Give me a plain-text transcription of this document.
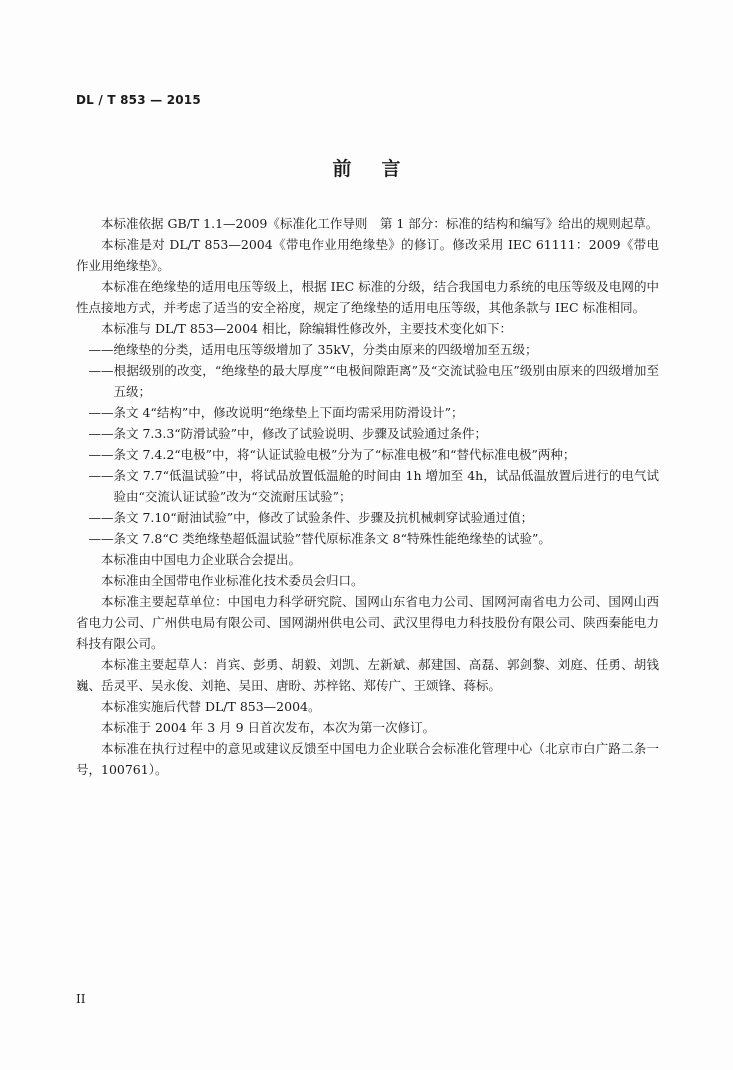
DL / T 853 — 2015
前言

本标准依据 GB/T 1.1—2009《标准化工作导则　第 1 部分：标准的结构和编写》给出的规则起草。

本标准是对 DL/T 853—2004《带电作业用绝缘垫》的修订。修改采用 IEC 61111：2009《带电作业用绝缘垫》。

本标准在绝缘垫的适用电压等级上，根据 IEC 标准的分级，结合我国电力系统的电压等级及电网的中性点接地方式，并考虑了适当的安全裕度，规定了绝缘垫的适用电压等级，其他条款与 IEC 标准相同。

本标准与 DL/T 853—2004 相比，除编辑性修改外，主要技术变化如下：

——绝缘垫的分类，适用电压等级增加了 35kV，分类由原来的四级增加至五级；

——根据级别的改变，“绝缘垫的最大厚度”“电极间隙距离”及“交流试验电压”级别由原来的四级增加至五级；

——条文 4“结构”中，修改说明“绝缘垫上下面均需采用防滑设计”；

——条文 7.3.3“防滑试验”中，修改了试验说明、步骤及试验通过条件；

——条文 7.4.2“电极”中，将“认证试验电极”分为了“标准电极”和“替代标准电极”两种；

——条文 7.7“低温试验”中，将试品放置低温舱的时间由 1h 增加至 4h，试品低温放置后进行的电气试验由“交流认证试验”改为“交流耐压试验”；

——条文 7.10“耐油试验”中，修改了试验条件、步骤及抗机械刺穿试验通过值；

——条文 7.8“C 类绝缘垫超低温试验”替代原标准条文 8“特殊性能绝缘垫的试验”。

本标准由中国电力企业联合会提出。

本标准由全国带电作业标准化技术委员会归口。

本标准主要起草单位：中国电力科学研究院、国网山东省电力公司、国网河南省电力公司、国网山西省电力公司、广州供电局有限公司、国网湖州供电公司、武汉里得电力科技股份有限公司、陕西秦能电力科技有限公司。

本标准主要起草人：肖宾、彭勇、胡毅、刘凯、左新斌、郝建国、高磊、郭剑黎、刘庭、任勇、胡钱巍、岳灵平、吴永俊、刘艳、吴田、唐盼、苏梓铭、郑传广、王颂锋、蒋标。

本标准实施后代替 DL/T 853—2004。

本标准于 2004 年 3 月 9 日首次发布，本次为第一次修订。

本标准在执行过程中的意见或建议反馈至中国电力企业联合会标准化管理中心（北京市白广路二条一号，100761）。

II
